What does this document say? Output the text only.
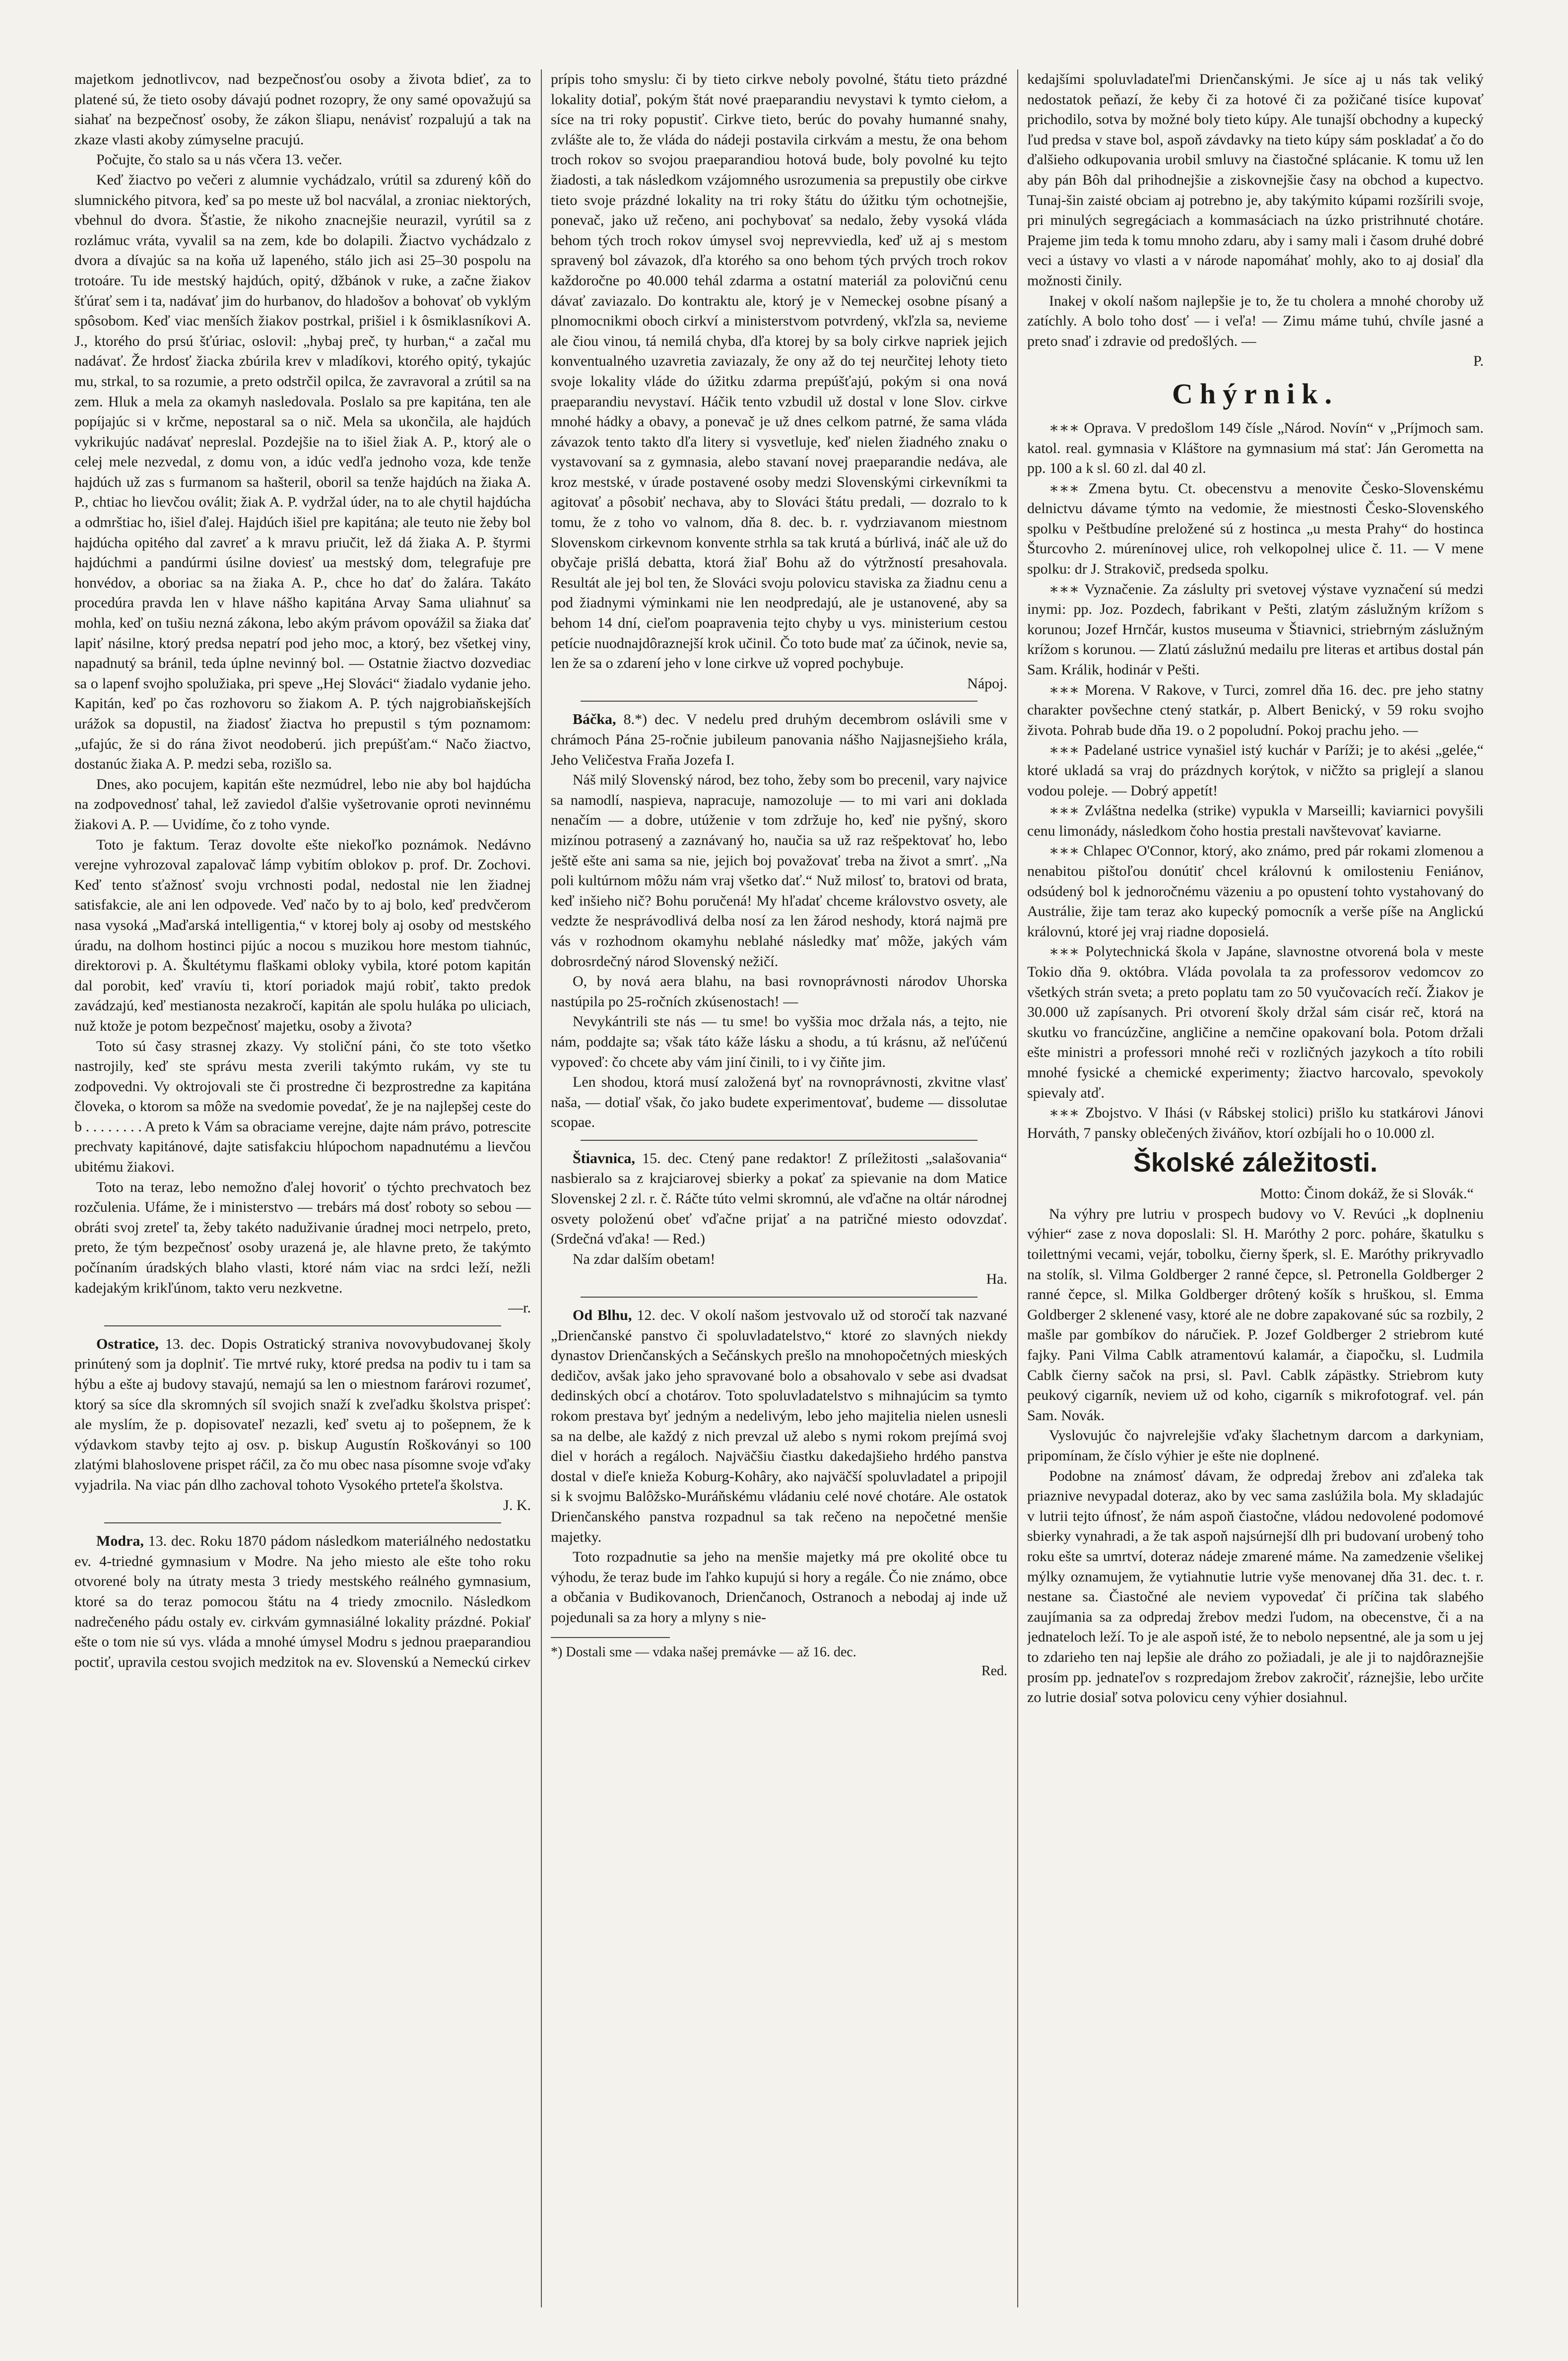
majetkom jednotlivcov, nad bezpečnosťou osoby a života bdieť, za to platené sú, že tieto osoby dávajú podnet rozopry, že ony samé opovažujú sa siahať na bezpečnosť osoby, že zákon šliapu, nenávisť rozpalujú a tak na zkaze vlasti akoby zúmyselne pracujú.

Počujte, čo stalo sa u nás včera 13. večer.

Keď žiactvo po večeri z alumnie vychádzalo, vrútil sa zdurený kôň do slumnického pitvora, keď sa po meste už bol nacválal, a zroniac niektorých, vbehnul do dvora. Šťastie, že nikoho znacnejšie neurazil, vyrútil sa z rozlámuc vráta, vyvalil sa na zem, kde bo dolapili. Žiactvo vychádzalo z dvora a dívajúc sa na koňa už lapeného, stálo jich asi 25–30 pospolu na trotoáre. Tu ide mestský hajdúch, opitý, džbánok v ruke, a začne žiakov šťúrať sem i ta, nadávať jim do hurbanov, do hladošov a bohovať ob vyklým spôsobom. Keď viac menších žiakov postrkal, prišiel i k ôsmiklasníkovi A. J., ktorého do prsú šťúriac, oslovil: „hybaj preč, ty hurban,“ a začal mu nadávať. Že hrdosť žiacka zbúrila krev v mladíkovi, ktorého opitý, tykajúc mu, strkal, to sa rozumie, a preto odstrčil opilca, že zavravoral a zrútil sa na zem. Hluk a mela za okamyh nasledovala. Poslalo sa pre kapitána, ten ale popíjajúc si v krčme, nepostaral sa o nič. Mela sa ukončila, ale hajdúch vykrikujúc nadávať nepreslal. Pozdejšie na to išiel žiak A. P., ktorý ale o celej mele nezvedal, z domu von, a idúc vedľa jednoho voza, kde tenže hajdúch už zas s furmanom sa hašteril, oboril sa tenže hajdúch na žiaka A. P., chtiac ho lievčou oválit; žiak A. P. vydržal úder, na to ale chytil hajdúcha a odmrštiac ho, išiel ďalej. Hajdúch išiel pre kapitána; ale teuto nie žeby bol hajdúcha opitého dal zavreť a k mravu priučit, lež dá žiaka A. P. štyrmi hajdúchmi a pandúrmi úsilne doviesť ua mestský dom, telegrafuje pre honvédov, a oboriac sa na žiaka A. P., chce ho dať do žalára. Takáto procedúra pravda len v hlave nášho kapitána Arvay Sama uliahnuť sa mohla, keď on tušiu nezná zákona, lebo akým právom opovážil sa žiaka dať lapiť násilne, ktorý predsa nepatrí pod jeho moc, a ktorý, bez všetkej viny, napadnutý sa bránil, teda úplne nevinný bol. — Ostatnie žiactvo dozvediac sa o lapenf svojho spolužiaka, pri speve „Hej Slováci“ žiadalo vydanie jeho. Kapitán, keď po čas rozhovoru so žiakom A. P. tých najgrobiaňskejších urážok sa dopustil, na žiadosť žiactva ho prepustil s tým poznamom: „ufajúc, že si do rána život neodoberú. jich prepúšťam.“ Načo žiactvo, dostanúc žiaka A. P. medzi seba, rozišlo sa.

Dnes, ako pocujem, kapitán ešte nezmúdrel, lebo nie aby bol hajdúcha na zodpovednosť tahal, lež zaviedol ďalšie vyšetrovanie oproti nevinnému žiakovi A. P. — Uvidíme, čo z toho vynde.

Toto je faktum. Teraz dovolte ešte niekoľko poznámok. Nedávno verejne vyhrozoval zapalovač lámp vybitím oblokov p. prof. Dr. Zochovi. Keď tento sťažnosť svoju vrchnosti podal, nedostal nie len žiadnej satisfakcie, ale ani len odpovede. Veď načo by to aj bolo, keď predvčerom nasa vysoká „Maďarská intelligentia,“ v ktorej boly aj osoby od mestského úradu, na dolhom hostinci pijúc a nocou s muzikou hore mestom tiahnúc, direktorovi p. A. Škultétymu flaškami obloky vybila, ktoré potom kapitán dal porobit, keď vravíu ti, ktorí poriadok majú robiť, takto predok zavádzajú, keď mestianosta nezakročí, kapitán ale spolu huláka po uliciach, nuž ktože je potom bezpečnosť majetku, osoby a života?

Toto sú časy strasnej zkazy. Vy stoliční páni, čo ste toto všetko nastrojily, keď ste správu mesta zverili takýmto rukám, vy ste tu zodpovedni. Vy oktrojovali ste či prostredne či bezprostredne za kapitána človeka, o ktorom sa môže na svedomie povedať, že je na najlepšej ceste do b . . . . . . . . A preto k Vám sa obraciame verejne, dajte nám právo, potrescite prechvaty kapitánové, dajte satisfakciu hlúpochom napadnutému a lievčou ubitému žiakovi.

Toto na teraz, lebo nemožno ďalej hovoriť o týchto prechvatoch bez rozčulenia. Ufáme, že i ministerstvo — trebárs má dosť roboty so sebou — obráti svoj zreteľ ta, žeby takéto naduživanie úradnej moci netrpelo, preto, preto, že tým bezpečnosť osoby urazená je, ale hlavne preto, že takýmto počínaním úradských blaho vlasti, ktoré nám viac na srdci leží, nežli kadejakým krikľúnom, takto veru nezkvetne.
—r.

Ostratice, 13. dec. Dopis Ostratický straniva novovybudovanej školy prinútený som ja doplniť. Tie mrtvé ruky, ktoré predsa na podiv tu i tam sa hýbu a ešte aj budovy stavajú, nemajú sa len o miestnom farárovi rozumeť, ktorý sa síce dla skromných síl svojich snaží k zveľadku školstva prispeť: ale myslím, že p. dopisovateľ nezazli, keď svetu aj to pošepnem, že k výdavkom stavby tejto aj osv. p. biskup Augustín Roškoványi so 100 zlatými blahoslovene prispet ráčil, za čo mu obec nasa písomne svoje vďaky vyjadrila. Na viac pán dlho zachoval tohoto Vysokého prteteľa školstva.
J. K.

Modra, 13. dec. Roku 1870 pádom následkom materiálného nedostatku ev. 4-triedné gymnasium v Modre. Na jeho miesto ale ešte toho roku otvorené boly na útraty mesta 3 triedy mestského reálného gymnasium, ktoré sa do teraz pomocou štátu na 4 triedy zmocnilo. Následkom nadrečeného pádu ostaly ev. cirkvám gymnasiálné lokality prázdné. Pokiaľ ešte o tom nie sú vys. vláda a mnohé úmysel Modru s jednou praeparandiou poctiť, upravila cestou svojich medzitok na ev. Slovenskú a Nemeckú cirkev

prípis toho smyslu: či by tieto cirkve neboly povolné, štátu tieto prázdné lokality dotiaľ, pokým štát nové praeparandiu nevystavi k tymto ciełom, a síce na tri roky popustiť. Cirkve tieto, berúc do povahy humanné snahy, zvlášte ale to, že vláda do nádeji postavila cirkvám a mestu, že ona behom troch rokov so svojou praeparandiou hotová bude, boly povolné ku tejto žiadosti, a tak následkom vzájomného usrozumenia sa prepustily obe cirkve tieto svoje prázdné lokality na tri roky štátu do úžitku tým ochotnejšie, ponevač, jako už rečeno, ani pochybovať sa nedalo, žeby vysoká vláda behom tých troch rokov úmysel svoj neprevviedla, keď už aj s mestom spravený bol závazok, dľa ktorého sa ono behom tých prvých troch rokov každoročne po 40.000 tehál zdarma a ostatní materiál za polovičnú cenu dávať zaviazalo. Do kontraktu ale, ktorý je v Nemeckej osobne písaný a plnomocnikmi oboch cirkví a ministerstvom potvrdený, vkľzla sa, nevieme ale čiou vinou, tá nemilá chyba, dľa ktorej by sa boly cirkve napriek jejich konventualného uzavretia zaviazaly, že ony až do tej neurčitej lehoty tieto svoje lokality vláde do úžitku zdarma prepúšťajú, pokým si ona nová praeparandiu nevystaví. Háčik tento vzbudil už dostal v lone Slov. cirkve mnohé hádky a obavy, a ponevač je už dnes celkom patrné, že sama vláda závazok tento takto dľa litery si vysvetluje, keď nielen žiadného znaku o vystavovaní sa z gymnasia, alebo stavaní novej praeparandie nedáva, ale kroz mestské, v úrade postavené osoby medzi Slovenskými cirkevníkmi ta agitovať a pôsobiť nechava, aby to Slováci štátu predali, — dozralo to k tomu, že z toho vo valnom, dňa 8. dec. b. r. vydrziavanom miestnom Slovenskom cirkevnom konvente strhla sa tak krutá a búrlivá, ináč ale už do obyčaje prišlá debatta, ktorá žiaľ Bohu až do výtržností presahovala. Resultát ale jej bol ten, že Slováci svoju polovicu staviska za žiadnu cenu a pod žiadnymi výminkami nie len neodpredajú, ale je ustanovené, aby sa behom 14 dní, cieľom poapravenia tejto chyby u vys. ministerium cestou petície nuodnajdôraznejší krok učinil. Čo toto bude mať za účinok, nevie sa, len že sa o zdarení jeho v lone cirkve už vopred pochybuje.
Nápoj.

Báčka, 8.*) dec. V nedelu pred druhým decembrom oslávili sme v chrámoch Pána 25-ročnie jubileum panovania nášho Najjasnejšieho krála, Jeho Veličestva Fraňa Jozefa I.

Náš milý Slovenský národ, bez toho, žeby som bo precenil, vary najvice sa namodlí, naspieva, napracuje, namozoluje — to mi vari ani doklada nenačím — a dobre, utúženie v tom zdržuje ho, keď nie pyšný, skoro mizínou potrasený a zaznávaný ho, naučia sa už raz rešpektovať ho, lebo ještě ešte ani sama sa nie, jejich boj považovať treba na život a smrť. „Na poli kultúrnom môžu nám vraj všetko dať.“ Nuž milosť to, bratovi od brata, keď inšieho nič? Bohu poručená! My hľadať chceme královstvo osvety, ale vedzte že nesprávodlivá delba nosí za len žárod neshody, ktorá najmä pre vás v rozhodnom okamyhu neblahé následky mať môže, jakých vám dobrosrdečný národ Slovenský nežičí.

O, by nová aera blahu, na basi rovnoprávnosti národov Uhorska nastúpila po 25-ročních zkúsenostach! —

Nevykántrili ste nás — tu sme! bo vyššia moc držala nás, a tejto, nie nám, poddajte sa; však táto káže lásku a shodu, a tú krásnu, až neľúčenú vypoveď: čo chcete aby vám jiní činili, to i vy čiňte jim.

Len shodou, ktorá musí založená byť na rovnoprávnosti, zkvitne vlasť naša, — dotiaľ však, čo jako budete experimentovať, budeme — dissolutae scopae.

Štiavnica, 15. dec. Ctený pane redaktor! Z príležitosti „salašovania“ nasbieralo sa z krajciarovej sbierky a pokať za spievanie na dom Matice Slovenskej 2 zl. r. č. Ráčte túto velmi skromnú, ale vďačne na oltár národnej osvety položenú obeť vďačne prijať a na patričné miesto odovzdať. (Srdečná vďaka! — Red.)

Na zdar dalším obetam!
Ha.

Od Blhu, 12. dec. V okolí našom jestvovalo už od storočí tak nazvané „Drienčanské panstvo či spoluvladatelstvo,“ ktoré zo slavných niekdy dynastov Drienčanských a Sečánskych prešlo na mnohopočetných mieských dedičov, avšak jako jeho spravované bolo a obsahovalo v sebe asi dvadsat dedinských obcí a chotárov. Toto spoluvladatelstvo s mihnajúcim sa tymto rokom prestava byť jedným a nedelivým, lebo jeho majitelia nielen usnesli sa na delbe, ale každý z nich prevzal už alebo s nymi rokom prejímá svoj diel v horách a regáloch. Najväčšiu čiastku dakedajšieho hrdého panstva dostal v dieľe knieža Koburg-Kohâry, ako najväčší spoluvladatel a pripojil si k svojmu Balôžsko-Muráňskému vládaniu celé nové chotáre. Ale ostatok Drienčanského panstva rozpadnul sa tak rečeno na nepočetné menšie majetky.

Toto rozpadnutie sa jeho na menšie majetky má pre okolité obce tu výhodu, že teraz bude im ľahko kupujú si hory a regále. Čo nie známo, obce a občania v Budikovanoch, Drienčanoch, Ostranoch a nebodaj aj inde už pojedunali sa za hory a mlyny s nie-

*) Dostali sme — vdaka našej premávke — až 16. dec.
Red.

kedajšími spoluvladateľmi Drienčanskými. Je síce aj u nás tak veliký nedostatok peňazí, že keby či za hotové či za požičané tisíce kupovať prichodilo, sotva by možné boly tieto kúpy. Ale tunajší obchodny a kupecký ľud predsa v stave bol, aspoň závdavky na tieto kúpy sám poskladať a čo do ďalšieho odkupovania urobil smluvy na čiastočné splácanie. K tomu už len aby pán Bôh dal prihodnejšie a ziskovnejšie časy na obchod a kupectvo. Tunaj-šin zaisté obciam aj potrebno je, aby takýmito kúpami rozšírili svoje, pri minulých segregáciach a kommasáciach na úzko pristrihnuté chotáre. Prajeme jim teda k tomu mnoho zdaru, aby i samy mali i časom druhé dobré veci a ústavy vo vlasti a v národe napomáhať mohly, ako to aj dosiaľ dla možnosti činily.

Inakej v okolí našom najlepšie je to, že tu cholera a mnohé choroby už zatíchly. A bolo toho dosť — i veľa! — Zimu máme tuhú, chvíle jasné a preto snaď i zdravie od predošlých. —
P.

Chýrnik.

∗∗∗ Oprava. V predošlom 149 čísle „Národ. Novín“ v „Príjmoch sam. katol. real. gymnasia v Kláštore na gymnasium má stať: Ján Gerometta na pp. 100 a k sl. 60 zl. dal 40 zl.

∗∗∗ Zmena bytu. Ct. obecenstvu a menovite Česko-Slovenskému delnictvu dávame týmto na vedomie, že miestnosti Česko-Slovenského spolku v Peštbudíne preložené sú z hostinca „u mesta Prahy“ do hostinca Šturcovho 2. múrenínovej ulice, roh velkopolnej ulice č. 11. — V mene spolku: dr J. Strakovič, predseda spolku.

∗∗∗ Vyznačenie. Za záslulty pri svetovej výstave vyznačení sú medzi inymi: pp. Joz. Pozdech, fabrikant v Pešti, zlatým záslužným krížom s korunou; Jozef Hrnčár, kustos museuma v Štiavnici, striebrným záslužným krížom s korunou. — Zlatú záslužnú medailu pre literas et artibus dostal pán Sam. Králik, hodinár v Pešti.

∗∗∗ Morena. V Rakove, v Turci, zomrel dňa 16. dec. pre jeho statny charakter povšechne ctený statkár, p. Albert Benický, v 59 roku svojho života. Pohrab bude dňa 19. o 2 popoludní. Pokoj prachu jeho. —

∗∗∗ Padelané ustrice vynašiel istý kuchár v Paríži; je to akési „gelée,“ ktoré ukladá sa vraj do prázdnych korýtok, v ničžto sa priglejí a slanou vodou poleje. — Dobrý appetít!

∗∗∗ Zvláštna nedelka (strike) vypukla v Marseilli; kaviarnici povyšili cenu limonády, následkom čoho hostia prestali navštevovať kaviarne.

∗∗∗ Chlapec O'Connor, ktorý, ako známo, pred pár rokami zlomenou a nenabitou pištoľou donútiť chcel královnú k omilosteniu Feniánov, odsúdený bol k jednoročnému väzeniu a po opustení tohto vystahovaný do Austrálie, žije tam teraz ako kupecký pomocník a verše píše na Anglickú královnú, ktoré jej vraj riadne doposielá.

∗∗∗ Polytechnická škola v Japáne, slavnostne otvorená bola v meste Tokio dňa 9. októbra. Vláda povolala ta za professorov vedomcov zo všetkých strán sveta; a preto poplatu tam zo 50 vyučovacích rečí. Žiakov je 30.000 už zapísanych. Pri otvorení školy držal sám cisár reč, ktorá na skutku vo francúzčine, angličine a nemčine opakovaní bola. Potom držali ešte ministri a professori mnohé reči v rozličných jazykoch a títo robili mnohé fysické a chemické experimenty; žiactvo harcovalo, spevokoly spievaly atď.

∗∗∗ Zbojstvo. V Ihási (v Rábskej stolici) prišlo ku statkárovi Jánovi Horváth, 7 pansky oblečených živáňov, ktorí ozbíjali ho o 10.000 zl.

Školské záležitosti.

Motto: Činom dokáž, že si Slovák.“

Na výhry pre lutriu v prospech budovy vo V. Revúci „k doplneniu výhier“ zase z nova doposlali: Sl. H. Maróthy 2 porc. poháre, škatulku s toilettnými vecami, vejár, tobolku, čierny šperk, sl. E. Maróthy prikryvadlo na stolík, sl. Vilma Goldberger 2 ranné čepce, sl. Petronella Goldberger 2 ranné čepce, sl. Milka Goldberger drôtený košík s hruškou, sl. Emma Goldberger 2 sklenené vasy, ktoré ale ne dobre zapakované súc sa rozbily, 2 mašle par gombíkov do náručiek. P. Jozef Goldberger 2 striebrom kuté fajky. Pani Vilma Cablk atramentovú kalamár, a čiapočku, sl. Ludmila Cablk čierny sačok na prsi, sl. Pavl. Cablk zápästky. Striebrom kuty peukový cigarník, neviem už od koho, cigarník s mikrofotograf. vel. pán Sam. Novák.

Vyslovujúc čo najvrelejšie vďaky šlachetnym darcom a darkyniam, pripomínam, že číslo výhier je ešte nie doplnené.

Podobne na známosť dávam, že odpredaj žrebov ani zďaleka tak priaznive nevypadal doteraz, ako by vec sama zaslúžila bola. My skladajúc v lutrii tejto úfnosť, že nám aspoň čiastočne, vládou nedovolené podomové sbierky vynahradi, a že tak aspoň najsúrnejší dlh pri budovaní urobený toho roku ešte sa umrtví, doteraz nádeje zmarené máme. Na zamedzenie všelikej mýlky oznamujem, že vytiahnutie lutrie vyše menovanej dňa 31. dec. t. r. nestane sa. Čiastočné ale neviem vypovedať či príčina tak slabého zaujímania sa za odpredaj žrebov medzi ľudom, na obecenstve, či a na jednateloch leží. To je ale aspoň isté, že to nebolo nepsentné, ale ja som u jej to zdarieho ten naj lepšie ale dráho zo požiadali, je ale ji to najdôraznejšie prosím pp. jednateľov s rozpredajom žrebov zakročiť, ráznejšie, lebo určite zo lutrie dosiaľ sotva polovicu ceny výhier dosiahnul.
